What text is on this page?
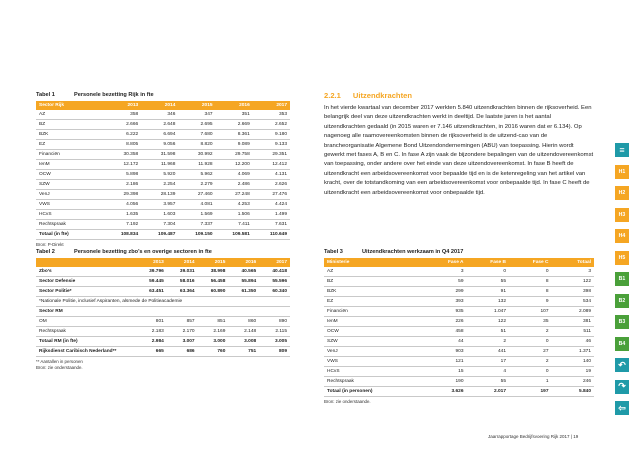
Tabel 1	Personele bezetting Rijk in fte
Sector Rijk	2013	2014	2015	2016	2017
AZ	358	346	347	351	353
BZ	2.666	2.648	2.695	2.669	2.652
BZK	6.222	6.694	7.680	8.361	9.180
EZ	8.805	9.056	8.820	9.089	9.133
Financiën	30.358	31.598	30.992	29.758	29.351
IenM	12.172	11.968	11.928	12.200	12.412
OCW	5.898	5.920	5.962	4.069	4.131
SZW	2.186	2.254	2.279	2.486	2.626
VenJ	29.398	28.139	27.460	27.248	27.476
VWS	4.056	3.957	4.081	4.253	4.424
HCvS	1.635	1.603	1.569	1.506	1.499
Rechtspraak	7.192	7.304	7.337	7.411	7.631
Totaal (in fte)	108.834	109.487	109.150	109.581	110.649
Bron: P-Direkt
Tabel 2	Personele bezetting zbo’s en overige sectoren in fte
	2013	2014	2015	2016	2017
Zbo’s	39.796	39.031	38.998	40.565	40.418
Sector Defensie	59.445	58.016	56.458	55.894	55.596
Sector Politie*	63.451	63.364	60.890	61.350	60.340
*Nationale Politie, inclusief Aspiranten, alsmede de Politieacademie					
Sector RM					
OM	801	857	851	860	890
Rechtspraak	2.183	2.170	2.169	2.148	2.115
Totaal RM (in fte)	2.984	3.007	3.000	3.008	3.005
Rijksdienst Caribisch Nederland**	665	686	760	751	809
** Aantallen in personen
Bron: zie onderstaande.
2.2.1 Uitzendkrachten
In het vierde kwartaal van december 2017 werkten 5.840 uitzendkrachten binnen de rijksoverheid. Een belangrijk deel van deze uitzendkrachten werkt in deeltijd. De laatste jaren is het aantal uitzendkrachten gedaald (in 2015 waren er 7.146 uitzendkrachten, in 2016 waren dat er 6.134). Op nagenoeg alle raamovereenkomsten binnen de rijksoverheid is de uitzend-cao van de brancheorganisatie Algemene Bond Uitzendondernemingen (ABU) van toepassing. Hierin wordt gewerkt met fases A, B en C. In fase A zijn vaak de bijzondere bepalingen van de uitzendovereenkomst van toepassing, onder andere over het einde van deze uitzendovereenkomst. In fase B heeft de uitzendkracht een arbeidsovereenkomst voor bepaalde tijd en is de ketenregeling van het artikel van kracht, over de totstandkoming van een arbeidsovereenkomst voor onbepaalde tijd. In fase C heeft de uitzendkracht een arbeidsovereenkomst voor onbepaalde tijd.
Tabel 3	Uitzendkrachten werkzaam in Q4 2017
Ministerie	Fase A	Fase B	Fase C	Totaal
AZ	3	0	0	3
BZ	59	55	8	122
BZK	299	91	8	398
EZ	393	132	9	534
Financiën	935	1.047	107	2.089
IenM	226	122	35	381
OCW	458	51	2	511
SZW	44	2	0	46
VenJ	903	441	27	1.371
VWS	121	17	2	140
HCvS	15	4	0	19
Rechtspraak	190	55	1	246
Totaal (in personen)	3.626	2.017	197	5.840
Bron: zie onderstaande.
≡
H1
H2
H3
H4
H5
B1
B2
B3
B4
↶
↷
⇦
Jaarrapportage Bedrijfsvoering Rijk 2017 | 19
